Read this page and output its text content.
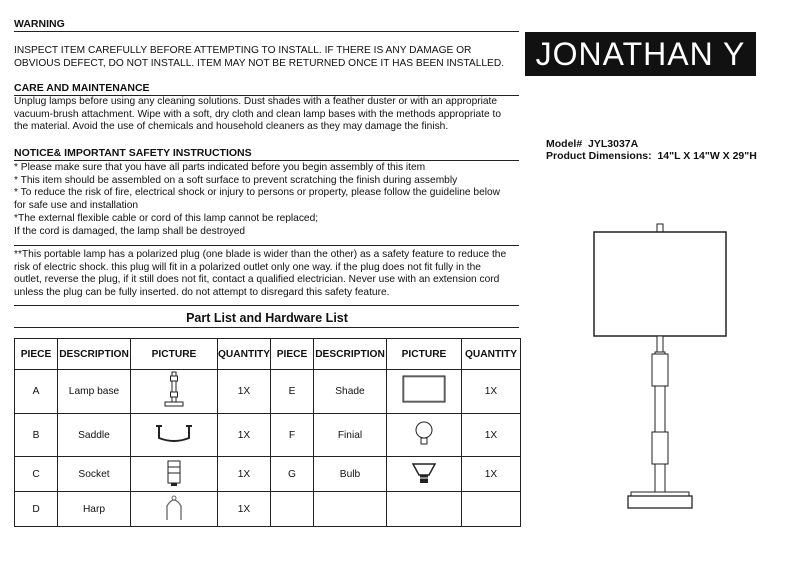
WARNING
INSPECT ITEM CAREFULLY BEFORE ATTEMPTING TO INSTALL. IF THERE IS ANY DAMAGE OR
OBVIOUS DEFECT, DO NOT INSTALL. ITEM MAY NOT BE RETURNED ONCE IT HAS BEEN INSTALLED. JONATHAN Y
CARE AND MAINTENANCE
Unplug lamps before using any cleaning solutions. Dust shades with a feather duster or with an appropriate
vacuum-brush attachment. Wipe with a soft, dry cloth and clean lamp bases with the methods appropriate to
the material. Avoid the use of chemicals and household cleaners as they may damage the finish.
Model# JYL3037A
Product Dimensions: 14"L X 14"W X 29"H
NOTICE& IMPORTANT SAFETY INSTRUCTIONS
* Please make sure that you have all parts indicated before you begin assembly of this item
* This item should be assembled on a soft surface to prevent scratching the finish during assembly
* To reduce the risk of fire, electrical shock or injury to persons or property, please follow the guideline below
for safe use and installation
*The external flexible cable or cord of this lamp cannot be replaced;
If the cord is damaged, the lamp shall be destroyed
**This portable lamp has a polarized plug (one blade is wider than the other) as a safety feature to reduce the
risk of electric shock. this plug will fit in a polarized outlet only one way. if the plug does not fit fully in the
outlet, reverse the plug, if it still does not fit, contact a qualified electrician. Never use with an extension cord
unless the plug can be fully inserted. do not attempt to disregard this safety feature.
Part List and Hardware List
PIECE	DESCRIPTION	PICTURE	QUANTITY	PIECE	DESCRIPTION	PICTURE	QUANTITY
A	Lamp base		1X	E	Shade		1X
B	Saddle		1X	F	Finial		1X
C	Socket		1X	G	Bulb		1X
D	Harp		1X				
